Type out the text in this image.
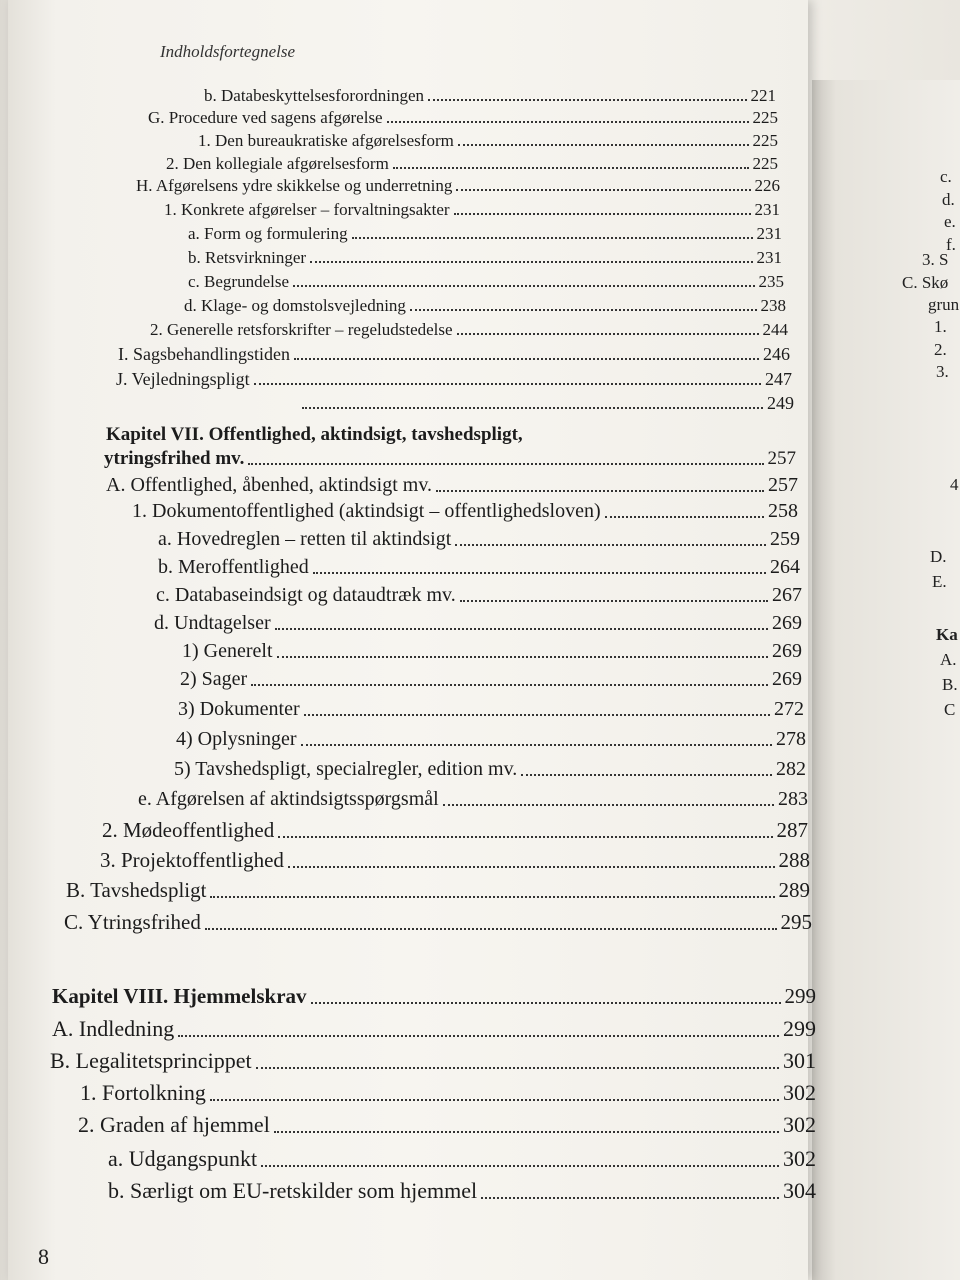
c.
d.
e.
f.
3. S
C. Skø
grun
1.
2.
3.
4
D.
E.
Ka
A.
B.
C
Indholdsfortegnelse
b. Databeskyttelsesforordningen	221
G. Procedure ved sagens afgørelse	225
1. Den bureaukratiske afgørelsesform	225
2. Den kollegiale afgørelsesform	225
H. Afgørelsens ydre skikkelse og underretning	226
1. Konkrete afgørelser – forvaltningsakter	231
a. Form og formulering	231
b. Retsvirkninger	231
c. Begrundelse	235
d. Klage- og domstolsvejledning	238
2. Generelle retsforskrifter – regeludstedelse	244
I. Sagsbehandlingstiden	246
J. Vejledningspligt	247
249
Kapitel VII. Offentlighed, aktindsigt, tavshedspligt,
ytringsfrihed mv.	257
A. Offentlighed, åbenhed, aktindsigt mv.	257
1. Dokumentoffentlighed (aktindsigt – offentlighedsloven)	258
a. Hovedreglen – retten til aktindsigt	259
b. Meroffentlighed	264
c. Databaseindsigt og dataudtræk mv.	267
d. Undtagelser	269
1) Generelt	269
2) Sager	269
3) Dokumenter	272
4) Oplysninger	278
5) Tavshedspligt, specialregler, edition mv.	282
e. Afgørelsen af aktindsigtsspørgsmål	283
2. Mødeoffentlighed	287
3. Projektoffentlighed	288
B. Tavshedspligt	289
C. Ytringsfrihed	295
Kapitel VIII. Hjemmelskrav	299
A. Indledning	299
B. Legalitetsprincippet	301
1. Fortolkning	302
2. Graden af hjemmel	302
a. Udgangspunkt	302
b. Særligt om EU-retskilder som hjemmel	304
8
